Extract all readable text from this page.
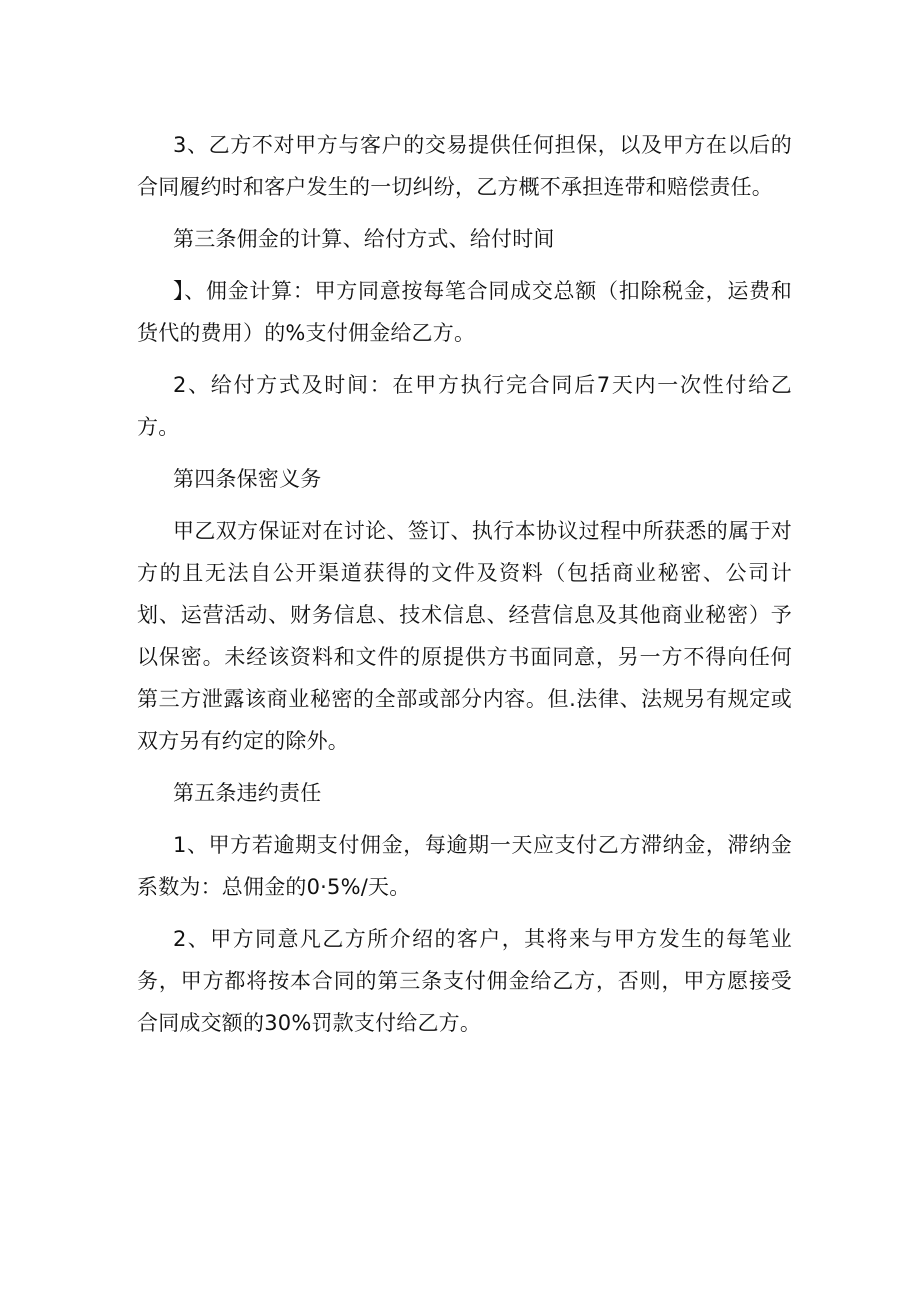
3、乙方不对甲方与客户的交易提供任何担保，以及甲方在以后的合同履约时和客户发生的一切纠纷，乙方概不承担连带和赔偿责任。

第三条佣金的计算、给付方式、给付时间

】、佣金计算：甲方同意按每笔合同成交总额（扣除税金，运费和货代的费用）的%支付佣金给乙方。

2、给付方式及时间：在甲方执行完合同后7天内一次性付给乙方。

第四条保密义务

甲乙双方保证对在讨论、签订、执行本协议过程中所获悉的属于对方的且无法自公开渠道获得的文件及资料（包括商业秘密、公司计划、运营活动、财务信息、技术信息、经营信息及其他商业秘密）予以保密。未经该资料和文件的原提供方书面同意，另一方不得向任何第三方泄露该商业秘密的全部或部分内容。但.法律、法规另有规定或双方另有约定的除外。

第五条违约责任

1、甲方若逾期支付佣金，每逾期一天应支付乙方滞纳金，滞纳金系数为：总佣金的0·5%/天。

2、甲方同意凡乙方所介绍的客户，其将来与甲方发生的每笔业务，甲方都将按本合同的第三条支付佣金给乙方，否则，甲方愿接受合同成交额的30%罚款支付给乙方。
